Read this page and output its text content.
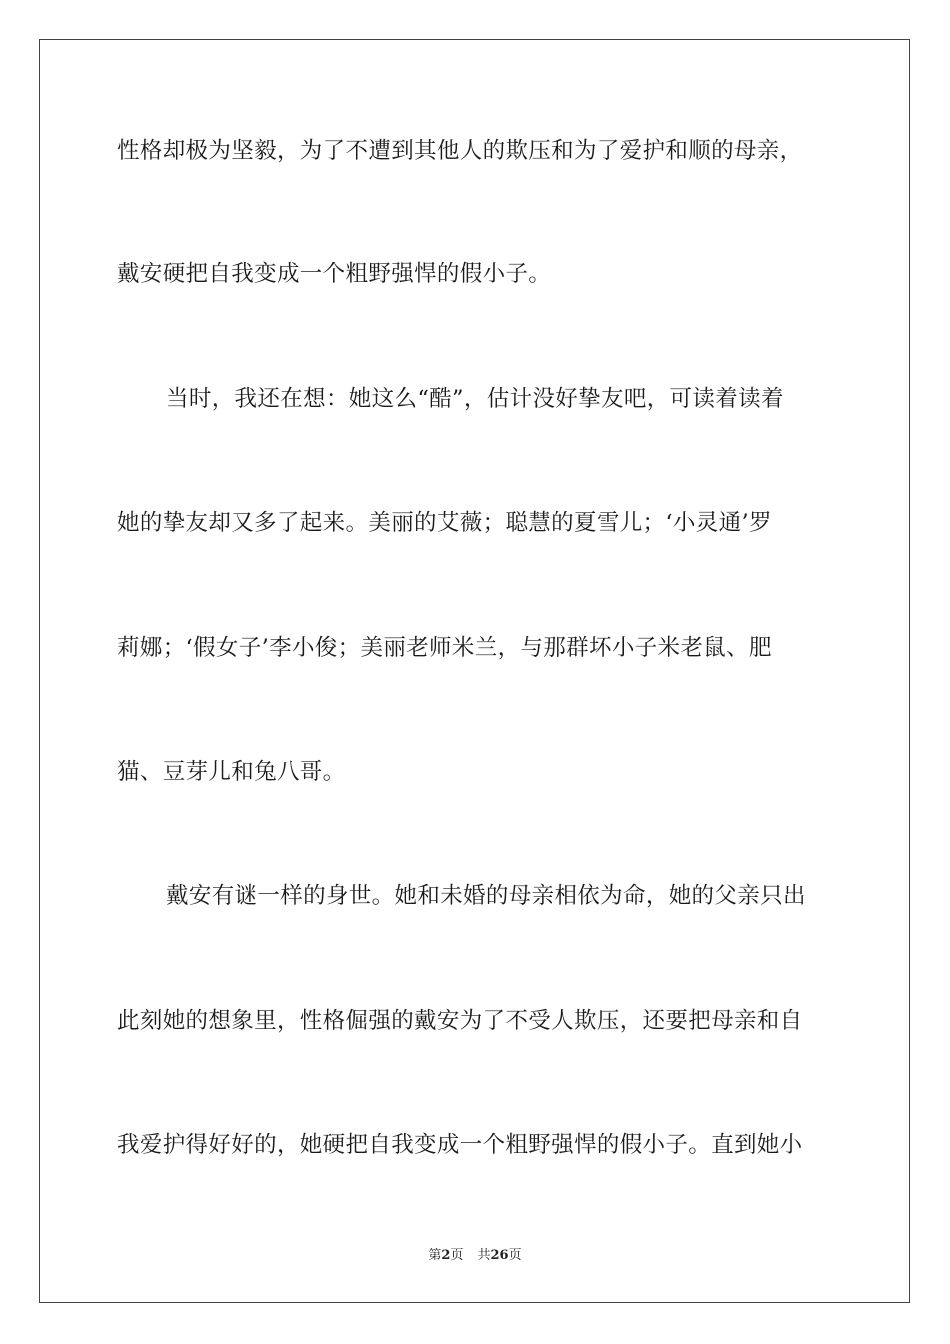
性格却极为坚毅，为了不遭到其他人的欺压和为了爱护和顺的母亲，
戴安硬把自我变成一个粗野强悍的假小子。
当时，我还在想：她这么“酷”，估计没好挚友吧，可读着读着
她的挚友却又多了起来。美丽的艾薇；聪慧的夏雪儿；‘小灵通’罗
莉娜；‘假女子’李小俊；美丽老师米兰，与那群坏小子米老鼠、肥
猫、豆芽儿和兔八哥。
戴安有谜一样的身世。她和未婚的母亲相依为命，她的父亲只出
此刻她的想象里，性格倔强的戴安为了不受人欺压，还要把母亲和自
我爱护得好好的，她硬把自我变成一个粗野强悍的假小子。直到她小
第2页 共26页
